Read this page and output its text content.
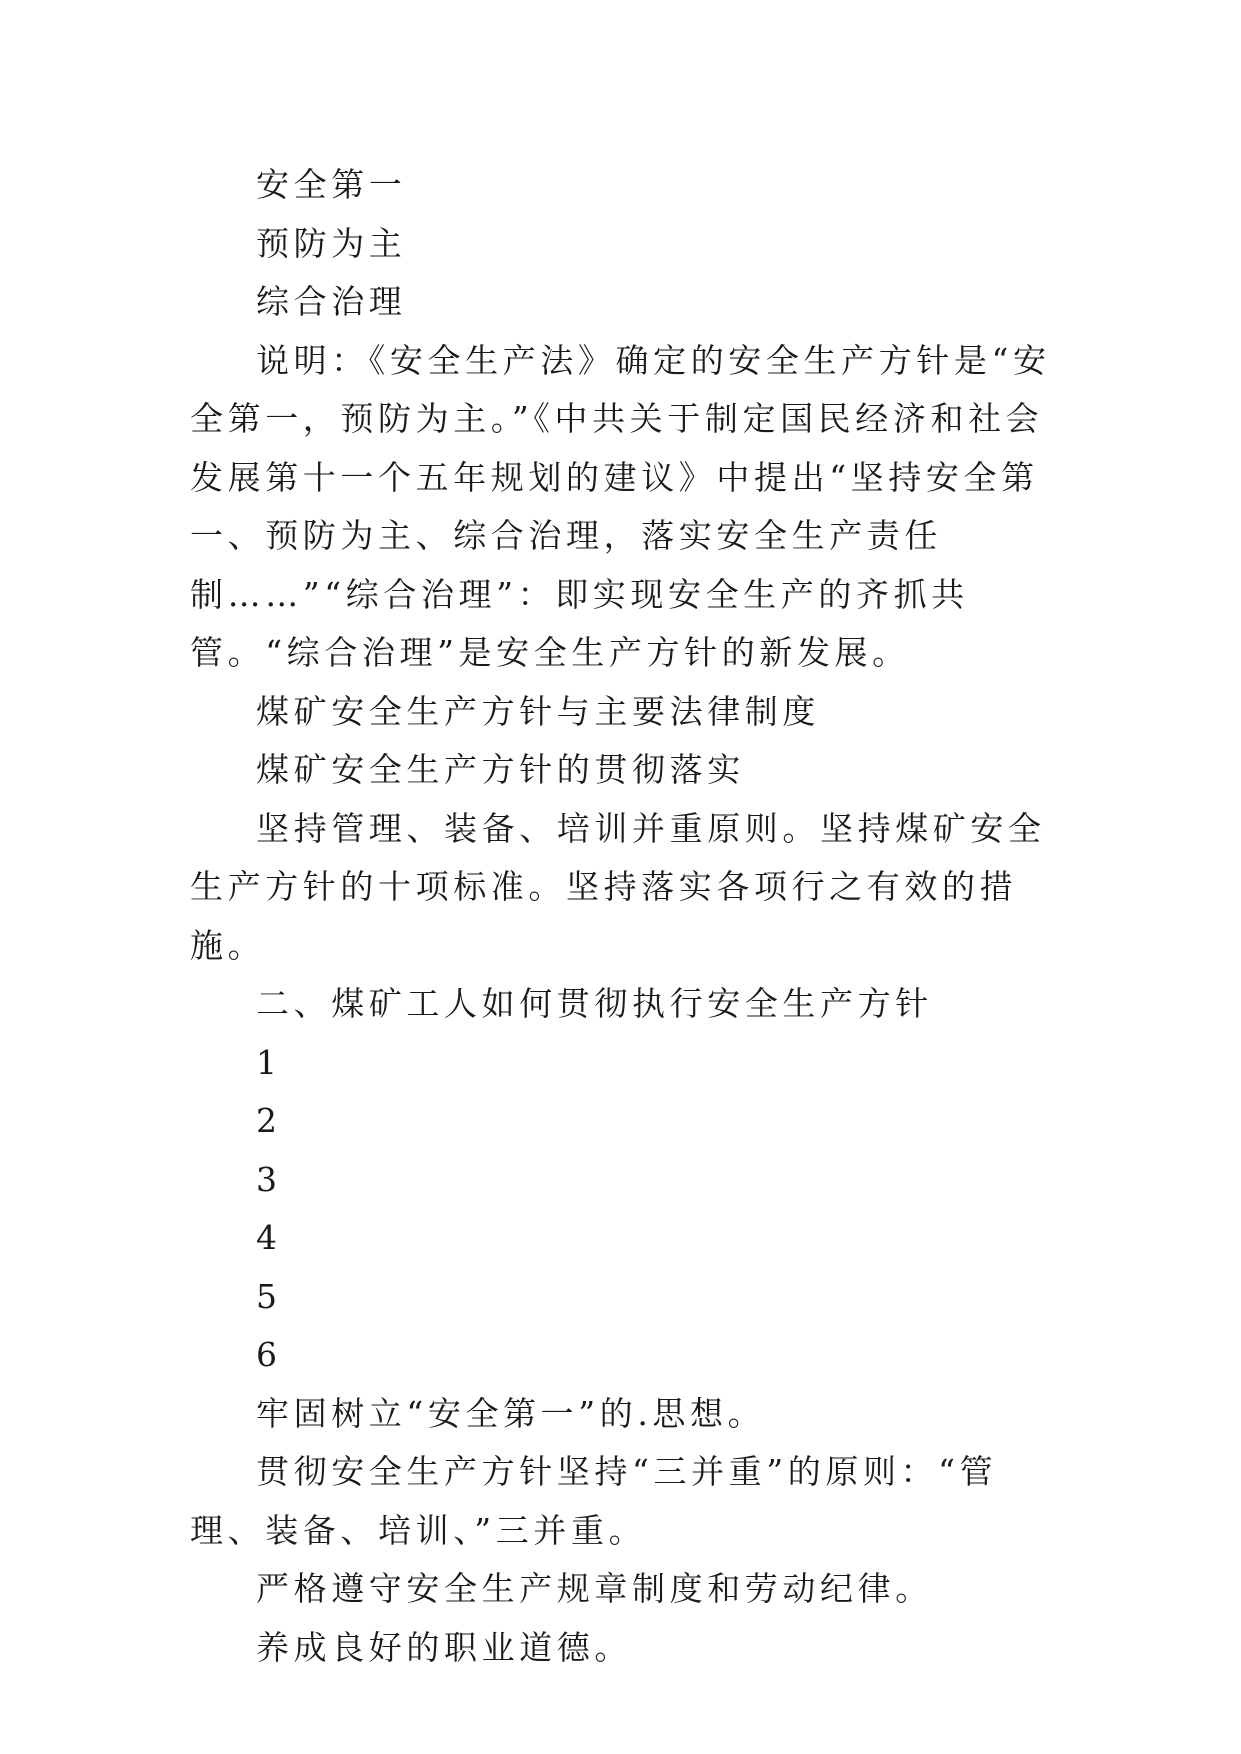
安全第一

预防为主

综合治理

说明：《安全生产法》确定的安全生产方针是“安全第一，预防为主。”《中共关于制定国民经济和社会发展第十一个五年规划的建议》中提出“坚持安全第一、预防为主、综合治理，落实安全生产责任制……”“综合治理”：即实现安全生产的齐抓共管。“综合治理”是安全生产方针的新发展。

煤矿安全生产方针与主要法律制度

煤矿安全生产方针的贯彻落实

坚持管理、装备、培训并重原则。坚持煤矿安全生产方针的十项标准。坚持落实各项行之有效的措施。

二、煤矿工人如何贯彻执行安全生产方针

1

2

3

4

5

6

牢固树立“安全第一”的.思想。

贯彻安全生产方针坚持“三并重”的原则：“管理、装备、培训、”三并重。

严格遵守安全生产规章制度和劳动纪律。

养成良好的职业道德。
